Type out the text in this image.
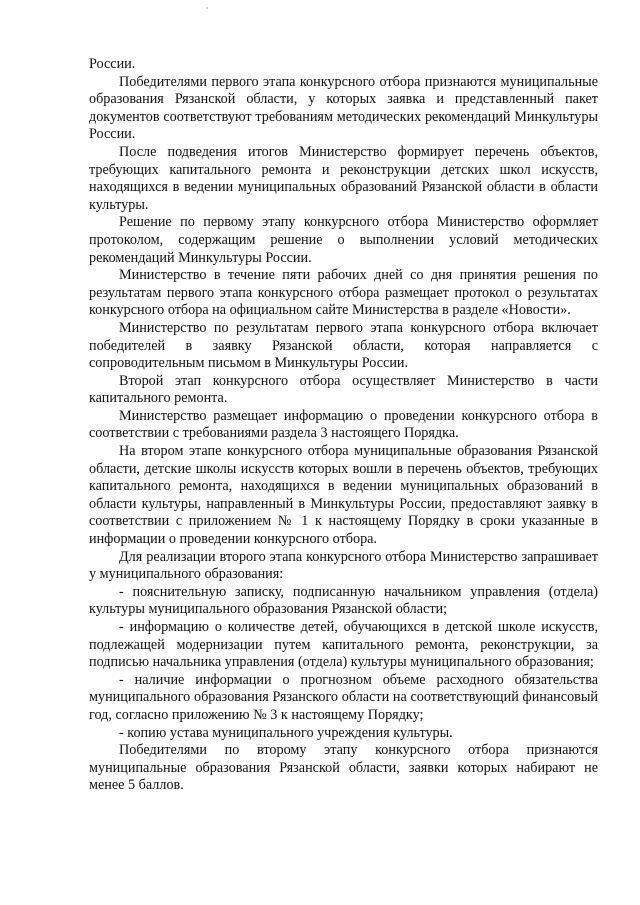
России.

Победителями первого этапа конкурсного отбора признаются муниципальные образования Рязанской области, у которых заявка и представленный пакет документов соответствуют требованиям методических рекомендаций Минкультуры России.

После подведения итогов Министерство формирует перечень объектов, требующих капитального ремонта и реконструкции детских школ искусств, находящихся в ведении муниципальных образований Рязанской области в области культуры.

Решение по первому этапу конкурсного отбора Министерство оформляет протоколом, содержащим решение о выполнении условий методических рекомендаций Минкультуры России.

Министерство в течение пяти рабочих дней со дня принятия решения по результатам первого этапа конкурсного отбора размещает протокол о результатах конкурсного отбора на официальном сайте Министерства в разделе «Новости».

Министерство по результатам первого этапа конкурсного отбора включает победителей в заявку Рязанской области, которая направляется с сопроводительным письмом в Минкультуры России.

Второй этап конкурсного отбора осуществляет Министерство в части капитального ремонта.

Министерство размещает информацию о проведении конкурсного отбора в соответствии с требованиями раздела 3 настоящего Порядка.

На втором этапе конкурсного отбора муниципальные образования Рязанской области, детские школы искусств которых вошли в перечень объектов, требующих капитального ремонта, находящихся в ведении муниципальных образований в области культуры, направленный в Минкультуры России, предоставляют заявку в соответствии с приложением № 1 к настоящему Порядку в сроки указанные в информации о проведении конкурсного отбора.

Для реализации второго этапа конкурсного отбора Министерство запрашивает у муниципального образования:

- пояснительную записку, подписанную начальником управления (отдела) культуры муниципального образования Рязанской области;

- информацию о количестве детей, обучающихся в детской школе искусств, подлежащей модернизации путем капитального ремонта, реконструкции, за подписью начальника управления (отдела) культуры муниципального образования;

- наличие информации о прогнозном объеме расходного обязательства муниципального образования Рязанского области на соответствующий финансовый год, согласно приложению № 3 к настоящему Порядку;

- копию устава муниципального учреждения культуры.

Победителями по второму этапу конкурсного отбора признаются муниципальные образования Рязанской области, заявки которых набирают не менее 5 баллов.
